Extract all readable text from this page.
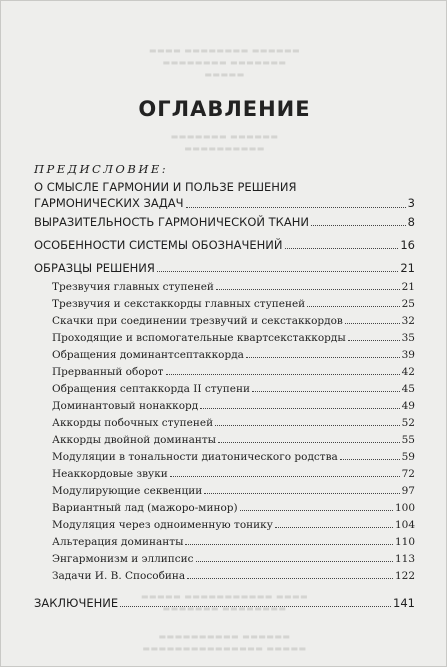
▬▬▬▬ ▬▬▬▬▬▬▬▬ ▬▬▬▬▬▬
▬▬▬▬▬▬▬▬ ▬▬▬▬▬▬▬
▬▬▬▬▬
▬▬▬▬▬▬▬ ▬▬▬▬▬▬
▬▬▬▬▬▬▬▬▬▬
▬▬▬▬▬ ▬▬▬▬▬▬▬▬▬▬▬ ▬▬▬▬
▬▬▬▬▬▬▬ ▬▬▬▬▬▬▬▬
▬▬▬▬▬▬▬▬▬▬ ▬▬▬▬▬▬
▬▬▬▬▬▬▬▬▬▬▬▬▬▬▬ ▬▬▬▬▬
ОГЛАВЛЕНИЕ
ПРЕДИСЛОВИЕ:
О СМЫСЛЕ ГАРМОНИИ И ПОЛЬЗЕ РЕШЕНИЯ
ГАРМОНИЧЕСКИХ ЗАДАЧ	3
ВЫРАЗИТЕЛЬНОСТЬ ГАРМОНИЧЕСКОЙ ТКАНИ	8
ОСОБЕННОСТИ СИСТЕМЫ ОБОЗНАЧЕНИЙ	16
ОБРАЗЦЫ РЕШЕНИЯ	21
Трезвучия главных ступеней	21
Трезвучия и секстаккорды главных ступеней	25
Скачки при соединении трезвучий и секстаккордов	32
Проходящие и вспомогательные квартсекстаккорды	35
Обращения доминантсептаккорда	39
Прерванный оборот	42
Обращения септаккорда II ступени	45
Доминантовый нонаккорд	49
Аккорды побочных ступеней	52
Аккорды двойной доминанты	55
Модуляции в тональности диатонического родства	59
Неаккордовые звуки	72
Модулирующие секвенции	97
Вариантный лад (мажоро-минор)	100
Модуляция через одноименную тонику	104
Альтерация доминанты	110
Энгармонизм и эллипсис	113
Задачи И. В. Способина	122
ЗАКЛЮЧЕНИЕ	141
